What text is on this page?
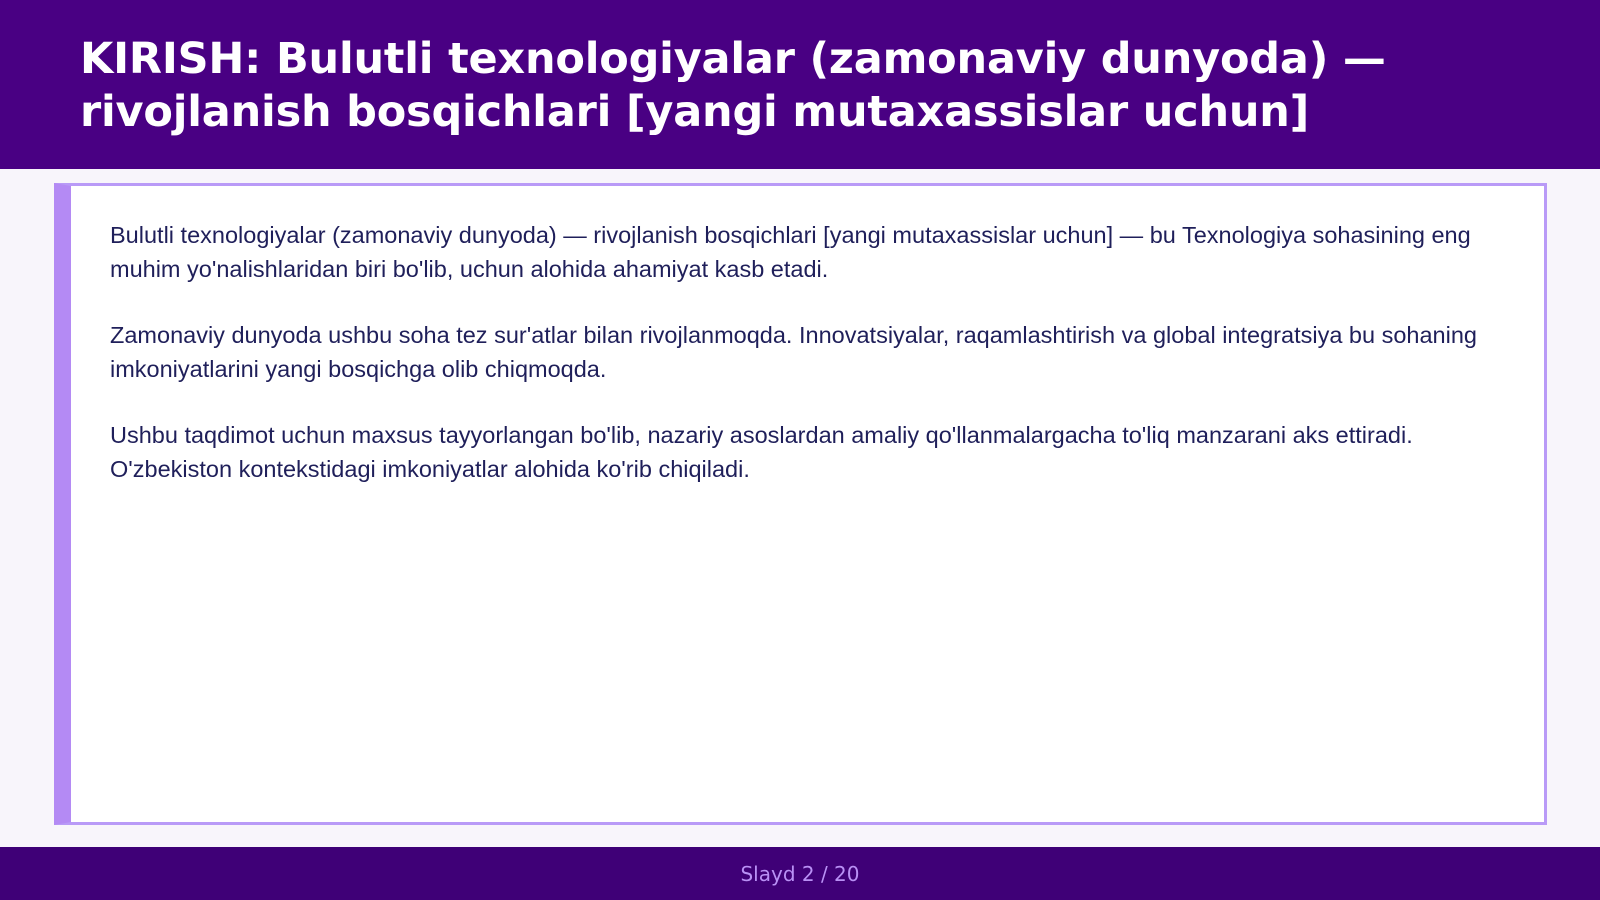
KIRISH: Bulutli texnologiyalar (zamonaviy dunyoda) — rivojlanish bosqichlari [yangi mutaxassislar uchun]

Bulutli texnologiyalar (zamonaviy dunyoda) — rivojlanish bosqichlari [yangi mutaxassislar uchun] — bu Texnologiya sohasining eng muhim yo'nalishlaridan biri bo'lib, uchun alohida ahamiyat kasb etadi.

Zamonaviy dunyoda ushbu soha tez sur'atlar bilan rivojlanmoqda. Innovatsiyalar, raqamlashtirish va global integratsiya bu sohaning imkoniyatlarini yangi bosqichga olib chiqmoqda.

Ushbu taqdimot uchun maxsus tayyorlangan bo'lib, nazariy asoslardan amaliy qo'llanmalargacha to'liq manzarani aks ettiradi. O'zbekiston kontekstidagi imkoniyatlar alohida ko'rib chiqiladi.

Slayd 2 / 20
